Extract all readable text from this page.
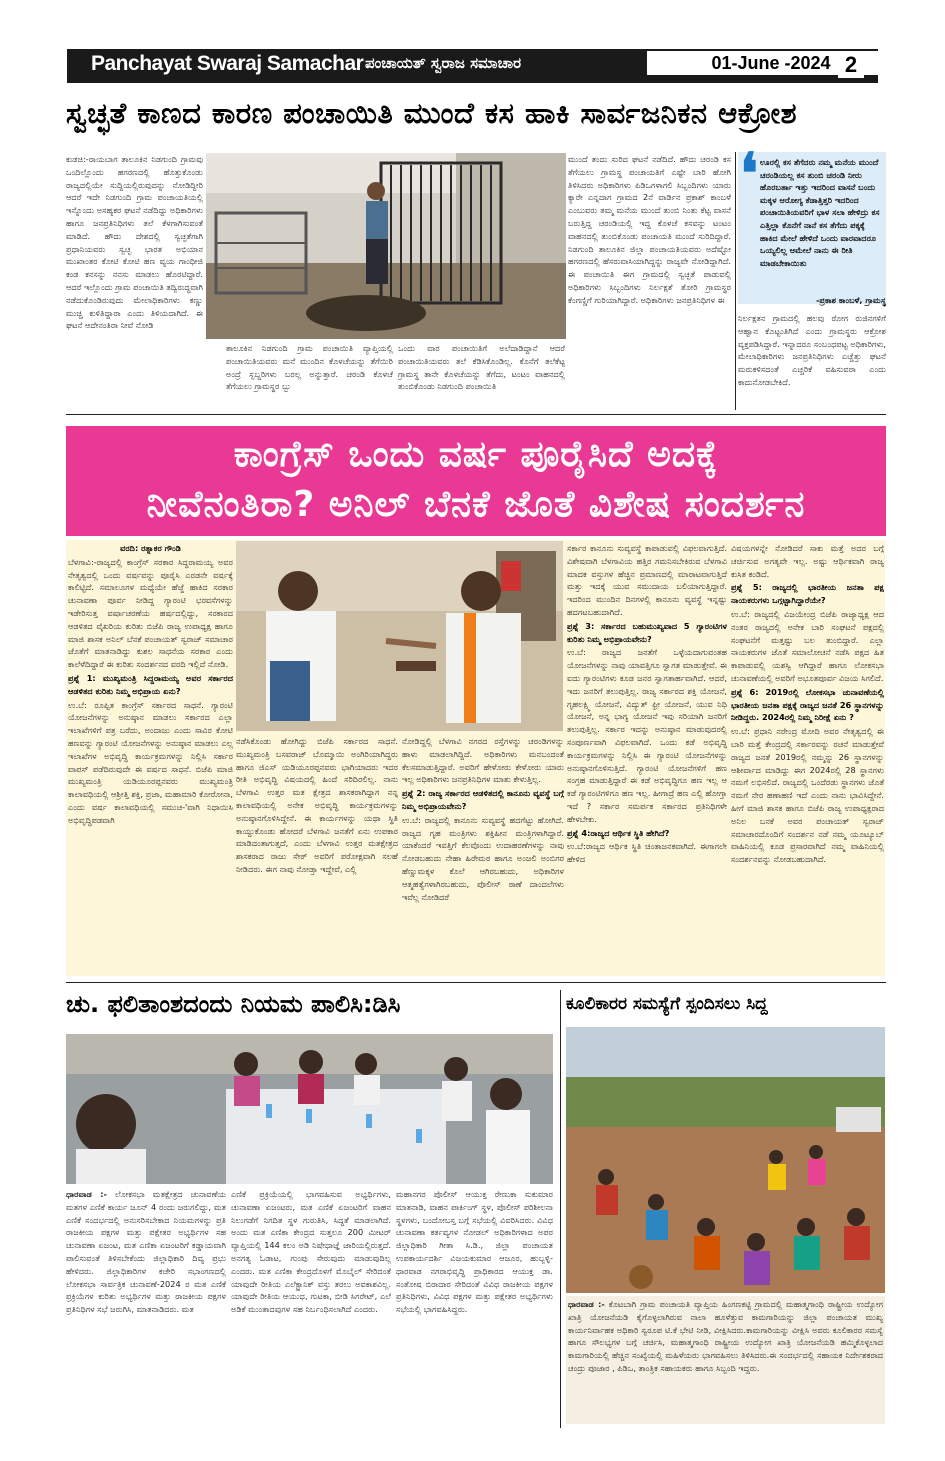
Panchayat Swaraj Samachar ಪಂಚಾಯತ್ ಸ್ವರಾಜ ಸಮಾಚಾರ	01-June -2024 2
ಸ್ವಚ್ಛತೆ ಕಾಣದ ಕಾರಣ ಪಂಚಾಯಿತಿ ಮುಂದೆ ಕಸ ಹಾಕಿ ಸಾರ್ವಜನಿಕನ ಆಕ್ರೋಶ

ಕುಡಚಿ:-ರಾಯಬಾಗ ತಾಲೂಕಿನ ನಿಡಗುಂದಿ ಗ್ರಾಮವು ಒಂದಿಲ್ಲೊಂದು ಹಗರಣದಲ್ಲಿ ಹೊತ್ತುಕೊಂಡು ರಾಜ್ಯದಲ್ಲಿಯೇ ಸುದ್ದಿಯಲ್ಲಿರುವುದನ್ನು ನೋಡಿದ್ದೀರಿ ಆದರೆ ಇದೇ ನಿಡಗುಂದಿ ಗ್ರಾಮ ಪಂಚಾಯತಿಯಲ್ಲಿ ಇನ್ನೊಂದು ಅಸಹ್ಯಕರ ಘಟನೆ ನಡೆದಿದ್ದು ಅಧಿಕಾರಿಗಳು ಹಾಗೂ ಜನಪ್ರತಿನಿಧಿಗಳು ತಲೆ ಕೆಳಗಾಗಿಸುವಂತೆ ಮಾಡಿದೆ. ಹೌದು ದೇಶದಲ್ಲಿ ಸ್ವಚ್ಛತೆಗಾಗಿ ಪ್ರಧಾನಿಯವರು ಸ್ವಚ್ಛ ಭಾರತ ಅಭಿಯಾನ ಮುಖಾಂತರ ಕೋಟಿ ಕೋಟಿ ಹಣ ವ್ಯಯ ಗಾಂಧೀಜಿ ಕಂಡ ಕನಸನ್ನು ನನಸು ಮಾಡಲು ಹೊರಟಿದ್ದಾರೆ. ಆದರೆ ಇಲ್ಲೊಂದು ಗ್ರಾಮ ಪಂಚಾಯಿತಿ ತದ್ವಿರುದ್ಧವಾಗಿ ನಡೆದುಕೊಂಡಿರುವುದು ಮೇಲಾಧಿಕಾರಿಗಳು ಕಣ್ಣು ಮುಚ್ಚಿ ಕುಳಿತಿದ್ದಾರಾ ಎಂದು ತಿಳಿಯದಾಗಿದೆ. ಈ ಘಟನೆ ಆದೇನಂತಿರಾ ನೀವೆ ನೋಡಿ

ತಾಲೂಕಿನ ನಿಡಗುಂದಿ ಗ್ರಾಮ ಪಂಚಾಯಿತಿ ವ್ಯಾಪ್ತಿಯಲ್ಲಿ ಪಂಚಾಯಿತಿಯವರು ಮನೆ ಮುಂದಿನ ಕೊಳಚೆಯನ್ನು ತೆಗೆಯಿರಿ ಅಂದ್ರೆ ಸ್ಬಬ್ದರಿಗಳು ಬರಲ್ಲ ಅನ್ನುತ್ತಾರೆ. ಚರಂಡಿ ಕೊಳಚೆ ತೆಗೆಯಲು ಗ್ರಾಮಸ್ಥರ ಬ್ಬು

ಒಂದು ವಾರ ಪಂಚಾಯಿತಿಗೆ ಅಲೆದಾಡಿದ್ದಾನೆ ಆದರೆ ಪಂಚಾಯಿತಿಯವರು ತಲೆ ಕೆಡಿಸಿಕೊಂಡಿಲ್ಲ. ಕೊನೆಗೆ ತಲೆಕೆಟ್ಟ ಗ್ರಾಮಸ್ಥ ತಾನೇ ಕೊಳಚೆಯನ್ನು ತೆಗೆದು, ಟಂಟಂ ವಾಹನದಲ್ಲಿ ತುಂಬಿಕೊಂಡು ನಿಡಗುಂದಿ ಪಂಚಾಯಿತಿ

ಮುಂದೆ ತಂದು ಸುರಿದ ಘಟನೆ ನಡೆದಿದೆ. ಹೌದು ಚರಂಡಿ ಕಸ ತೆಗೆಯಲು ಗ್ರಾಮಸ್ಥ ಪಂಚಾಯತಿಗೆ ಎಷ್ಟೇ ಬಾರಿ ಹೋಗಿ ತಿಳಿಸಿದರು ಅಧಿಕಾರಿಗಳು ಪಿಡಿಒಗಳಾಗಲಿ ಸಿಬ್ಬಂದಿಗಳು ಯಾರು ಕ್ಯಾರೇ ಎನ್ನದಾಗ ಗ್ರಾಮದ 2ನೆ ವಾರ್ಡಿನ ಪ್ರಕಾಶ್ ಕಾಂಬಳೆ ಎಂಬುವರು ತಮ್ಮ ಮನೆಯ ಮುಂದೆ ತುಂಬಿ ನಿಂತು ಕೆಟ್ಟ ವಾಸನೆ ಬರುತ್ತಿದ್ದ ಚರಂಡಿಯಲ್ಲಿ ಇದ್ದ ಕೊಳಚೆ ಕಸವನ್ನು ಟಂಟಂ ವಾಹನದಲ್ಲಿ ತುಂಬಿಕೊಂಡು ಪಂಚಾಯತಿ ಮುಂದೆ ಸುರಿದಿದ್ದಾರೆ. ನಿಡಗುಂದಿ ತಾಲೂಕಿನ ಜಿಲ್ಲಾ ಪಂಚಾಯತಿಯವರು ಅದೆಷ್ಟೋ ಹಗರಣದಲ್ಲಿ ಹೆಸರುವಾಸಿಯಾಗಿದ್ದನ್ನು ರಾಜ್ಯವೇ ನೋಡಿದ್ದಾಗಿದೆ. ಈ ಪಂಚಾಯಿತಿ ಈಗ ಗ್ರಾಮದಲ್ಲಿ ಸ್ವಚ್ಛತೆ ಪಾಡುವಲ್ಲಿ ಅಧಿಕಾರಿಗಳು ಸಿಬ್ಬಂದಿಗಳು ನಿರ್ಲಕ್ಷತೆ ತೋರಿ ಗ್ರಾಮಸ್ಥರ ಕೆಂಗಣ್ಣಿಗೆ ಗುರಿಯಾಗಿದ್ದಾರೆ. ಅಧಿಕಾರಿಗಳು ಜನಪ್ರತಿನಿಧಿಗಳ ಈ

❛ ಊರಲ್ಲಿ ಕಸ ತೆಗೆದರು ನಮ್ಮ ಮನೆಯ ಮುಂದೆ ಚರಂಡಿಯಲ್ಲ ಕಸ ತುಂಬಿ ಚರಂಡಿ ನೀರು ಹೊರಬರ್ತಾ ಇತ್ತು ಇದರಿಂದ ವಾಸನೆ ಬಂದು ಮಕ್ಕಳ ಆರೋಗ್ಯ ಕೆಡಾತ್ತಿತ್ತರಿ ಇದರಿಂದ ಪಂಚಾಯಿತಿಯವರಿಗೆ ಭಾಳ ಸಲಾ ಹೇಳಿದ್ರು ಕಸ ಎತ್ತಿಲ್ಲಾ ಕೊನೆಗೆ ನಾನೆ ಕಸ ತೆಗೆದು ಪಕ್ಕಕ್ಕೆ ಹಾಕಿದ ಮೇಲೆ ಹೇಳಿದೆ ಒಂದು ವಾರವಾದರೂ ಒಯ್ಯಲಿಲ್ಲ ಆಮೇಲೆ ನಾನು ಈ ರೀತಿ ಮಾಡಬೇಕಾಯಿತು
-ಪ್ರಕಾಶ ಕಾಂಬಳೆ, ಗ್ರಾಮಸ್ಥ

ನಿರ್ಲಕ್ಷತನ ಗ್ರಾಮದಲ್ಲಿ ಹಲವು ರೋಗ ರುಜಿನಗಳಿಗೆ ಆಹ್ವಾನ ಕೊಟ್ಟಂತಿಗಿದೆ ಎಂದು ಗ್ರಾಮಸ್ಥರು ಆಕ್ರೋಶ ವ್ಯಕ್ತಪಡಿಸಿದ್ದಾರೆ. ಇನ್ನಾದರೂ ಸಂಬಂಧಪಟ್ಟ ಅಧಿಕಾರಿಗಳು, ಮೇಲಾಧಿಕಾರಿಗಳು ಜನಪ್ರತಿನಿಧಿಗಳು ಎಚ್ಚೆತ್ತು ಘಟನೆ ಮರುಕಳಿಸದಂತೆ ಎಚ್ಚರಿಕೆ ವಹಿಸುವರಾ ಎಂದು ಕಾದುನೋಡಬೇಕಿದೆ.

ಕಾಂಗ್ರೆಸ್ ಒಂದು ವರ್ಷ ಪೂರೈಸಿದೆ ಅದಕ್ಕೆ
ನೀವೆನಂತಿರಾ? ಅನಿಲ್ ಬೆನಕೆ ಜೊತೆ ವಿಶೇಷ ಸಂದರ್ಶನ

ವರದಿ: ರತ್ನಾಕರ ಗೌಂಡಿ

ಬೆಳಗಾವಿ:-ರಾಜ್ಯದಲ್ಲಿ ಕಾಂಗ್ರೆಸ್ ಸರಕಾರ ಸಿದ್ಧರಾಮಯ್ಯ ಅವರ ನೇತೃತ್ವದಲ್ಲಿ ಒಂದು ವರ್ಷವನ್ನು ಪೂರೈಸಿ ಎರಡನೇ ವರ್ಷಕ್ಕೆ ಕಾಲಿಟ್ಟಿದೆ. ಸಮಾಲೂಗಳ ಮಧ್ಯೆಯೇ ಹೆಜ್ಜೆ ಹಾಕಿದ ಸರಕಾರ ಚುನಾವಣಾ ಪೂರ್ವ ನೀಡಿದ್ದ ಗ್ಯಾರಂಟಿ ಭರವಸೆಗಳನ್ನು ಇಡೇರಿಸುತ್ತ ವರ್ಷಾಚರಣೆಯ ಹರ್ಷದಲ್ಲಿದ್ದು, ಸರಕಾರದ ಆಡಳಿತದ ವೈಖರಿಯ ಕುರಿತು ಬಿಜೆಪಿ ರಾಜ್ಯ ಉಪಾಧ್ಯಕ್ಷ ಹಾಗೂ ಮಾಜಿ ಶಾಸಕ ಅನಿಲ್ ಬೆನಕೆ ಪಂಚಾಯತ್ ಸ್ವರಾಜ್ ಸಮಾಚಾರ ಜೊತೆಗೆ ಮಾತನಾಡಿದ್ದು ಕುಶಲ ಸಾಧನೆಯ ಸರಕಾರ ಎಂದು ಕಾಲೆಳೆದಿದ್ದಾರೆ ಈ ಕುರಿತು ಸಂದರ್ಶನದ ವರದಿ ಇಲ್ಲಿದೆ ನೋಡಿ.

ಪ್ರಶ್ನೆ 1: ಮುಖ್ಯಮಂತ್ರಿ ಸಿದ್ದರಾಮಯ್ಯ ಅವರ ಸರ್ಕಾರದ ಆಡಳಿತದ ಕುರಿತು ನಿಮ್ಮ ಅಭಿಪ್ರಾಯ ಏನು?

ಉ.ಬೆ: ರೂಪ್ಪಿತ ಕಾಂಗ್ರೆಸ್ ಸರ್ಕಾರದ ಸಾಧನೆ. ಗ್ಯಾರಂಟಿ ಯೋಜನೆಗಳನ್ನು ಅನುಷ್ಠಾನ ಮಾಡಲು ಸರ್ಕಾರದ ಎಲ್ಲಾ ಇಲಾಖೆಗಳಿಗೆ ಪತ್ರ ಬರೆದು, ಅಂದಾಜು ಎಂದು ಸಾವಿರ ಕೋಟಿ ಹಣವನ್ನು ಗ್ಯಾರಂಟಿ ಯೋಜನೆಗಳನ್ನು ಅನುಷ್ಠಾನ ಮಾಡಲು ಎಲ್ಲ ಇಲಾಖೆಗಳ ಅಭಿವೃದ್ಧಿ ಕಾರ್ಯಕ್ರಮಗಳನ್ನು ನಿಲ್ಲಿಸಿ ಸರ್ಕಾರ ವಾಪಸ್ ಪಡೆದಿರುವುದೇ ಈ ವರ್ಷದ ಸಾಧನೆ. ಬಿಜೆಪಿ ಮಾಜಿ ಮುಖ್ಯಮಂತ್ರಿ ಯಡಿಯೂರಪ್ಪನವರು ಮುಖ್ಯಮಂತ್ರಿ ಕಾಲಾವಧಿಯಲ್ಲಿ ಆಶ್ರೀತ್ತಿ ಶಕ್ತಿ, ಪ್ರಜಾ, ಮಹಾಮಾರಿ ಕೋರೋನಾ, ಎಂದು ವರ್ಷ ಕಾಲಾವಧಿಯಲ್ಲಿ ಸಮುಚ-'ವಾಗಿ ನಿಧಾಯಿಸಿ ಅಭಿವೃದ್ಧಿಪಡವಾಗಿ

ನಡೆಸಿಕೊಂಡು ಹೋಗಿದ್ದು ಬಿಜೆಪಿ ಸರ್ಕಾರದ ಸಾಧನೆ. ಮುಖ್ಯಮಂತ್ರಿ ಬಸವರಾಜ್ ಬೊಮ್ಮಾಯಿ ಅಂಗಿರಿಯಾಗಿದ್ದರು ಹಾಗೂ ಜಿಎಸ್ ಯಡಿಯೂರಪ್ಪನವರು ಭಾಗಿಯಾದರು ಇದರ ರೀತಿ ಅಭಿವೃದ್ಧಿ ವಿಷಯದಲ್ಲಿ ಹಿಂದೆ ಸರಿದಿರಲಿಲ್ಲ. ನಾನು ಬೆಳಗಾವಿ ಉತ್ತರ ಮತ ಕ್ಷೇತ್ರದ ಶಾಸಕರಾಗಿದ್ದಾಗ ನನ್ನ ಕಾಲಾವಧಿಯಲ್ಲಿ ಅನೇಕ ಅಭಿವೃದ್ಧಿ ಕಾರ್ಯಕ್ರಮಗಳನ್ನು ಅನುಷ್ಠಾನಗೊಳಿಸಿದ್ದೇನೆ. ಈ ಕಾರ್ಯಗಳನ್ನು ಯಥಾ ಸ್ಥಿತಿ ಕಾಯ್ದುಕೊಂಡು ಹೋದರೆ ಬೆಳಗಾವಿ ಜನತೆಗೆ ಏನು ಉಪಕಾರ ಮಾಡಿದಂತಾಗುತ್ತದೆ, ಎಂದು ಬೆಳಗಾವಿ ಉತ್ತರ ಮತಕ್ಷೇತ್ರದ ಶಾಸಕರಾದ ರಾಜು ಸೇಠ್ ಅವರಿಗೆ ಪರೋಕ್ಷವಾಗಿ ಸಲಹೆ ನೀಡಿದರು. ಈಗ ನಾವು ನೋಡ್ತಾ ಇದ್ದೇವೆ, ಎಲ್ಲಿ

ನೋಡಿದ್ದಲ್ಲಿ ಬೆಳಗಾವಿ ನಗರದ ರಸ್ತೆಗಳನ್ನು ಚರಂಡಿಗಳನ್ನು ಹಾಳು ಮಾಡಲಾಗಿದ್ದಿದೆ. ಅಧಿಕಾರಿಗಳು ಮನಬಂದಂತೆ ಕೆಲಸಮಾಡುತ್ತಿದ್ದಾರೆ. ಅವರಿಗೆ ಹೇಳೋರು ಕೇಳೋರು ಯಾರು ಇಲ್ಲ ಅಧಿಕಾರಿಗಳು ಜನಪ್ರತಿನಿಧಿಗಳ ಮಾತು ಕೇಳುತ್ತಿಲ್ಲ.

ಪ್ರಶ್ನೆ 2: ರಾಜ್ಯ ಸರ್ಕಾರದ ಆಡಳಿತದಲ್ಲಿ ಕಾನೂನು ವ್ಯವಸ್ಥೆ ಬಗ್ಗೆ ನಿಮ್ಮ ಅಭಿಪ್ರಾಯವೇನು?

ಉ.ಬೆ: ರಾಜ್ಯದಲ್ಲಿ ಕಾನೂನು ಸುವ್ಯವಸ್ಥೆ ಹದಗೆಟ್ಟು ಹೋಗಿದೆ. ರಾಜ್ಯದ ಗೃಹ ಮಂತ್ರಿಗಳು ಶಕ್ತಿಹೀನ ಮಂತ್ರಿಗಳಾಗಿದ್ದಾರೆ. ಯಾಕೆಂದರೆ ಇವತ್ತಿಗೆ ಕೆಲವೊಂದು ಉದಾಹರಣೆಗಳನ್ನು ನಾವು ನೋಡಬಹುದು ನೇಹಾ ಹಿರೇಮಠ ಹಾಗೂ ಅಂಜಲಿ ಅಂಬಿಗರ ಹೆಣ್ಣುಮಕ್ಕಳ ಕೊಲೆ ಆಗಿರಬಹುದು, ಅಧಿಕಾರಿಗಳ ಆತ್ಮಹತ್ಯೆಗಳಾಗಿರಬಹುದು, ಪೊಲೀಸ್ ಠಾಣೆ ದಾಂದಲೆಗಳು ಇವೆಲ್ಲ ನೋಡಿದರೆ

ಸರ್ಕಾರ ಕಾನೂನು ಸುವ್ಯವಸ್ಥೆ ಕಾಪಾಡುವಲ್ಲಿ ವಿಫಲವಾಗುತ್ತಿದೆ. ವಿಶೇಷವಾಗಿ ಬೆಳಗಾವಿಯ ಹತ್ತಿರ ಗಮನಿಸಬೇಕಿರುವ ಬೆಳಗಾವಿ ಮಾದಕ ವಸ್ತುಗಳ ಹೆಚ್ಚಿನ ಪ್ರಮಾಣದಲ್ಲಿ ಮಾರಾಟವಾಗುತ್ತಿದೆ ಮತ್ತು ಇದಕ್ಕೆ ಯುವ ಸಮುದಾಯ ಬಲಿಯಾಗುತ್ತಿದ್ದಾರೆ. ಇದರಿಂದ ಮುಂದಿನ ದಿನಗಳಲ್ಲಿ ಕಾನೂನು ವ್ಯವಸ್ಥೆ ಇನ್ನಷ್ಟು ಹದಗಟಬಹುದಾಗಿದೆ.

ಪ್ರಶ್ನೆ 3: ಸರ್ಕಾರದ ಬಹುಮುಖ್ಯವಾದ 5 ಗ್ಯಾರಂಟಿಗಳ ಕುರಿತು ನಿಮ್ಮ ಅಭಿಪ್ರಾಯವೇನು?

ಉ.ಬೆ: ರಾಜ್ಯದ ಜನತೆಗೆ ಒಳ್ಳೆಯದಾಗುವಂತಹ ಯೋಜನೆಗಳನ್ನು ನಾವು ಯಾವತ್ತಿಗೂ ಸ್ವಾಗತ ಮಾಡುತ್ತೇವೆ. ಈ ಐದು ಗ್ಯಾರಂಟಿಗಳು ಕೂಡ ಜನರ ಸ್ವಾಗತಾರ್ಹವಾಗಿದೆ. ಆದರೆ, ಇದು ಜನರಿಗೆ ತಲುಪುತ್ತಿಲ್ಲ. ರಾಜ್ಯ ಸರ್ಕಾರದ ಶಕ್ತಿ ಯೋಜನೆ, ಗೃಹಲಕ್ಷ್ಮಿ ಯೋಜನೆ, ವಿದ್ಯುತ್ ಫ್ರೀ ಯೋಜನೆ, ಯುವ ನಿಧಿ ಯೋಜನೆ, ಅನ್ನ ಭಾಗ್ಯ ಯೋಜನೆ ಇವು ಸರಿಯಾಗಿ ಜನರಿಗೆ ತಲುಪುತ್ತಿಲ್ಲ. ಸರ್ಕಾರ ಇದನ್ನು ಅನುಷ್ಠಾನ ಮಾಡುವುದರಲ್ಲಿ ಸಂಪೂರ್ಣವಾಗಿ ವಿಫಲವಾಗಿದೆ. ಒಂದು ಕಡೆ ಅಭಿವೃದ್ಧಿ ಕಾರ್ಯಕ್ರಮಗಳನ್ನು ನಿಲ್ಲಿಸಿ ಈ ಗ್ಯಾರಂಟಿ ಯೋಜನೆಗಳನ್ನು ಅನುಷ್ಠಾನಗೊಳಿಸುತ್ತಿದೆ. ಗ್ಯಾರಂಟಿ ಯೋಜನೆಗಳಿಗೆ ಹಣ ಸಂಗ್ರಹ ಮಾಡುತ್ತಿದ್ದಾರೆ ಈ ಕಡೆ ಅಭಿವೃದ್ಧಿಗೂ ಹಣ ಇಲ್ಲ ಆ ಕಡೆ ಗ್ಯಾರಂಟಿಗಳಿಗೂ ಹಣ ಇಲ್ಲ. ಹೀಗಾದ್ರೆ ಹಣ ಎಲ್ಲಿ ಹೋಗ್ತಾ ಇದೆ ? ಸರ್ಕಾರ ಸಮರ್ಪಕ ಸರ್ಕಾರದ ಪ್ರತಿನಿಧಿಗಳೇ ಹೇಳಬೇಕು.

ಪ್ರಶ್ನೆ 4:ರಾಜ್ಯದ ಆರ್ಥಿಕ ಸ್ಥಿತಿ ಹೇಗಿದೆ?

ಉ.ಬೆ:ರಾಜ್ಯದ ಆರ್ಥಿಕ ಸ್ಥಿತಿ ಚಿಂತಾಜನಕವಾಗಿದೆ. ಈಗಾಗಲೇ ಹೇಳಿದ

ವಿಷಯಗಳನ್ನೇ ನೋಡಿದರೆ ಸಾಕು ಮತ್ತೆ ಅದರ ಬಗ್ಗೆ ಚರ್ಚಿಸುವ ಅಗತ್ಯವೇ ಇಲ್ಲ. ಅಷ್ಟು ಆರ್ಥಿಕವಾಗಿ ರಾಜ್ಯ ಕುಸಿತ ಕಂಡಿದೆ.

ಪ್ರಶ್ನೆ 5: ರಾಜ್ಯದಲ್ಲಿ ಭಾರತೀಯ ಜನತಾ ಪಕ್ಷ ನಾಯಕರುಗಳು ಒಗ್ಗಟ್ಟಾಗಿದ್ದಾರೆಯೇ?

ಉ.ಬೆ: ರಾಜ್ಯದಲ್ಲಿ ವಿಜಯೇಂದ್ರ ಬಿಜೆಪಿ ರಾಜ್ಯಾಧ್ಯಕ್ಷ ಆದ ನಂತರ ರಾಜ್ಯದಲ್ಲಿ ಅನೇಕ ಬಾರಿ ಸಂಘಟನೆ ಪಕ್ಷದಲ್ಲಿ ಸಂಘಟನೆಗೆ ಮತ್ತಷ್ಟು ಬಲ ತುಂಬಿದ್ದಾರೆ. ಎಲ್ಲಾ ನಾಯಕರುಗಳ ಜೊತೆ ಸಮಾಲೋಚನೆ ನಡೆಸಿ ಪಕ್ಷದ ಹಿತ ಕಾಪಾಡುವಲ್ಲಿ ಯಶಸ್ವಿ ಆಗಿದ್ದಾರೆ ಹಾಗೂ ಲೋಕಸಭಾ ಚುನಾವಣೆಯಲ್ಲಿ ಅವರಿಗೆ ಅಭೂತಪೂರ್ವ ವಿಜಯ ಸಿಗಲಿದೆ.

ಪ್ರಶ್ನೆ 6: 2019ರಲ್ಲಿ ಲೋಕಸಭಾ ಚುನಾವಣೆಯಲ್ಲಿ ಭಾರತೀಯ ಜನತಾ ಪಕ್ಷಕ್ಕೆ ರಾಜ್ಯದ ಜನತೆ 26 ಸ್ಥಾನಗಳನ್ನು ನೀಡಿದ್ದರು. 2024ರಲ್ಲಿ ನಿಮ್ಮ ನಿರೀಕ್ಷೆ ಏನು ?

ಉ.ಬೆ: ಪ್ರಧಾನಿ ನರೇಂದ್ರ ಮೋದಿ ಅವರ ನೇತೃತ್ವದಲ್ಲಿ ಈ ಬಾರಿ ಮತ್ತೆ ಕೇಂದ್ರದಲ್ಲಿ ಸರ್ಕಾರವನ್ನು ರಚನೆ ಮಾಡುತ್ತೇವೆ ರಾಜ್ಯದ ಜನತೆ 2019ರಲ್ಲಿ ನಮ್ಮನ್ನು 26 ಸ್ಥಾನಗಳನ್ನು ಆಶೀರ್ವಾದ ಮಾಡಿದ್ದು ಈಗ 2024ರಲ್ಲಿ 28 ಸ್ಥಾನಗಳು ನಮಗೆ ಲಭಿಸಲಿದೆ. ರಾಜ್ಯದಲ್ಲಿ ಒಂದೆರಡು ಸ್ಥಾನಗಳು ಜೊತೆ ನಮಗೆ ನೇರ ಹಣಾಹಣಿ ಇದೆ ಎಂದು ನಾನು ಭಾವಿಸಿದ್ದೇನೆ. ಹೀಗೆ ಮಾಜಿ ಶಾಸಕ ಹಾಗೂ ಬಿಜೆಪಿ ರಾಜ್ಯ ಉಪಾಧ್ಯಕ್ಷರಾದ ಅನಿಲ ಬನಕೆ ಅವರ ಪಂಚಾಯತ್ ಸ್ವರಾಜ್ ಸಮಾಚಾರದೊಂದಿಗೆ ಸಂದರ್ಶನ ನಡೆ ನಮ್ಮ ಯೂಟ್ಯೂಬ್ ವಾಹಿನಿಯಲ್ಲಿ ಕೂಡ ಪ್ರಸಾರವಾಗಿದೆ ನಮ್ಮ ವಾಹಿನಿಯಲ್ಲಿ ಸಂದರ್ಶನವನ್ನು ನೋಡಬಹುದಾಗಿದೆ.

ಚು. ಫಲಿತಾಂಶದಂದು ನಿಯಮ ಪಾಲಿಸಿ:ಡಿಸಿ

ಧಾರವಾಡ :- ಲೋಕಸಭಾ ಮತಕ್ಷೇತ್ರದ ಚುನಾವಣೆಯ ಮತಗಳ ಎಣಿಕೆ ಕಾರ್ಯ ಜೂನ್ 4 ರಂದು ಜರುಗಲಿದ್ದು, ಮತ ಎಣಿಕೆ ಸಂದರ್ಭದಲ್ಲಿ ಅನುಸರಿಸಬೇಕಾದ ನಿಯಮಗಳನ್ನು ಪ್ರತಿ ರಾಜಕೀಯ ಪಕ್ಷಗಳ ಮತ್ತು ಪಕ್ಷೇತರ ಅಭ್ಯರ್ಥಿಗಳ ಸಹ ಚುನಾವಣಾ ಏಜಂಟ, ಮತ ಎಣಿಕಾ ಏಜಂಟರಿಗೆ ಕಡ್ಡಾಯವಾಗಿ ಪಾಲಿಸುವಂತೆ ತಿಳಿಸಬೇಕೆಂದು ಜಿಲ್ಲಾಧಿಕಾರಿ ದಿವ್ಯ ಪ್ರಭು ಹೇಳಿದರು. ಜಿಲ್ಲಾಧಿಕಾರಿಗಳ ಕಚೇರಿ ಸಭಾಂಗಣದಲ್ಲಿ ಲೋಕಸಭಾ ಸಾರ್ವತ್ರಿಕ ಚುನಾವಣೆ-2024 ರ ಮತ ಎಣಿಕೆ ಪ್ರಕ್ರಿಯೆಗಳ ಕುರಿತು ಅಭ್ಯರ್ಥಿಗಳ ಮತ್ತು ರಾಜಕೀಯ ಪಕ್ಷಗಳ ಪ್ರತಿನಿಧಿಗಳ ಸಭೆ ಜರುಗಿಸಿ, ಮಾತನಾಡಿದರು. ಮತ

ಎಣಿಕೆ ಪ್ರಕ್ರಿಯೆಯಲ್ಲಿ ಭಾಗವಹಿಸುವ ಅಭ್ಯರ್ಥಿಗಳು, ಚುನಾವಣಾ ಏಜಂಟರು, ಮತ ಎಣಿಕೆ ಏಜಂಟರಿಗೆ ವಾಹನ ನಿಲುಗಡೆಗೆ ನಿಗದಿತ ಸ್ಥಳ ಗುರುತಿಸಿ, ಸಿದ್ಧತೆ ಮಾಡಲಾಗಿದೆ. ಅಂದು ಮತ ಎಣಿಕಾ ಕೇಂದ್ರದ ಸುತ್ತಲೂ 200 ಮೀಟರ್ ವ್ಯಾಪ್ತಿಯಲ್ಲಿ 144 ಕಲಂ ಅಡಿ ನಿಷೇಧಾಜ್ಞೆ ಜಾರಿಯಲ್ಲಿರುತ್ತದೆ. ಅನಗತ್ಯ ಓಡಾಟ, ಗುಂಪು ಸೇರುವುದು ಮಾಡುವುದಿಲ್ಲ ಎಂದರು. ಮತ ಎಣಿಕಾ ಕೇಂದ್ರದೊಳಗೆ ಮೊಬೈಲ್ ಸೇರಿದಂತೆ ಯಾವುದೇ ರೀತಿಯ ಎಲೆಕ್ಟ್ರಾನಿಕ್ ವಸ್ತು ತರಲು ಅವಕಾಶವಿಲ್ಲ. ಯಾವುದೇ ರೀತಿಯ ಆಯುಧ, ಗುಟಕಾ, ಬೀಡಿ ಸಿಗರೇಟ್, ಎಲೆ ಅಡಿಕೆ ಮುಂತಾದವುಗಳ ಸಹ ನಿರ್ಬಂಧಿಸಲಾಗಿದೆ ಎಂದರು.

ಮಹಾನಗರ ಪೊಲೀಸ್ ಆಯುಕ್ತ ರೇಣುಕಾ ಸುಕುಮಾರ ಮಾತನಾಡಿ, ವಾಹನ ಪಾರ್ಕಿಂಗ್ ಸ್ಥಳ, ಪೊಲೀಸ್ ಪರಿಶೀಲನಾ ಸ್ಥಳಗಳು, ಬಂದೋಬಸ್ತ ಬಗ್ಗೆ ಸಭೆಯಲ್ಲಿ ವಿವರಿಸಿದರು. ವಿವಿಧ ಚುನಾವಣಾ ಕರ್ತವ್ಯಗಳ ನೋಡಲ್ ಅಧಿಕಾರಿಗಳಾದ ಅಪರ ಜಿಲ್ಲಾಧಿಕಾರಿ ಗೀತಾ ಸಿ.ಡಿ., ಜಿಲ್ಲಾ ಪಂಚಾಯತ ಉಪಕಾರ್ಯದರ್ಶಿ ವಿಜಯಕುಮಾರ ಆಜೂರ, ಹುಬ್ಬಳ್ಳಿ-ಧಾರವಾಡ ನಗರಾಭಿವೃದ್ಧಿ ಪ್ರಾಧಿಕಾರದ ಆಯುಕ್ತ ಡಾ. ಸಂತೋಷ ಬಿರಾದಾರ ಸೇರಿದಂತೆ ವಿವಿಧ ರಾಜಕೀಯ ಪಕ್ಷಗಳ ಪ್ರತಿನಿಧಿಗಳು, ವಿವಿಧ ಪಕ್ಷಗಳ ಮತ್ತು ಪಕ್ಷೇತರ ಅಭ್ಯರ್ಥಿಗಳು ಸಭೆಯಲ್ಲಿ ಭಾಗವಹಿಸಿದ್ದರು.

ಕೂಲಿಕಾರರ ಸಮಸ್ಯೆಗೆ ಸ್ಪಂದಿಸಲು ಸಿದ್ದ

ಧಾರವಾಡ :- ಕೊಟಬಾಗಿ ಗ್ರಾಮ ಪಂಚಾಯತಿ ವ್ಯಾಪ್ತಿಯ ಹಿಂಗಣಕಟ್ಟಿ ಗ್ರಾಮದಲ್ಲಿ ಮಹಾತ್ಮಗಾಂಧಿ ರಾಷ್ಟ್ರೀಯ ಉದ್ಯೋಗ ಖಾತ್ರಿ ಯೋಜನೆಯಡಿ ಕೈಗೊಳ್ಳಲಾಗಿರುವ ನಾಲಾ ಹೂಳೆತ್ತುವ ಕಾಮಗಾರಿಯನ್ನು ಜಿಲ್ಲಾ ಪಂಚಾಯತ ಮುಖ್ಯ ಕಾರ್ಯನಿರ್ವಾಹಕ ಅಧಿಕಾರಿ ಸ್ವರೂಪ ಟಿ.ಕೆ ಭೇಟಿ ನೀಡಿ, ವೀಕ್ಷಿಸಿದರು.ಕಾಮಗಾರಿಯನ್ನು ವೀಕ್ಷಿಸಿ ಅವರು ಕೂಲಿಕಾರರ ಸಮಸ್ಯೆ ಹಾಗೂ ಸೌಲಭ್ಯಗಳ ಬಗ್ಗೆ ಚರ್ಚಿಸಿ, ಮಹಾತ್ಮಗಾಂಧಿ ರಾಷ್ಟ್ರೀಯ ಉದ್ಯೋಗ ಖಾತ್ರಿ ಯೋಜನೆಯಡಿ ಹಮ್ಮಿಕೊಳ್ಳಲಾದ ಕಾಮಗಾರಿಯಲ್ಲಿ ಹೆಚ್ಚಿನ ಸಂಖ್ಯೆಯಲ್ಲಿ ಮಹಿಳೆಯರು ಭಾಗವಹಿಸಲು ತಿಳಿಸಿದರು.ಈ ಸಂದರ್ಭದಲ್ಲಿ ಸಹಾಯಕ ನಿರ್ದೇಶಕರಾದ ಚಂದ್ರು ಪೂಜಾರ , ಪಿಡಿಒ, ತಾಂತ್ರಿಕ ಸಹಾಯಕರು ಹಾಗೂ ಸಿಬ್ಬಂದಿ ಇದ್ದರು.
